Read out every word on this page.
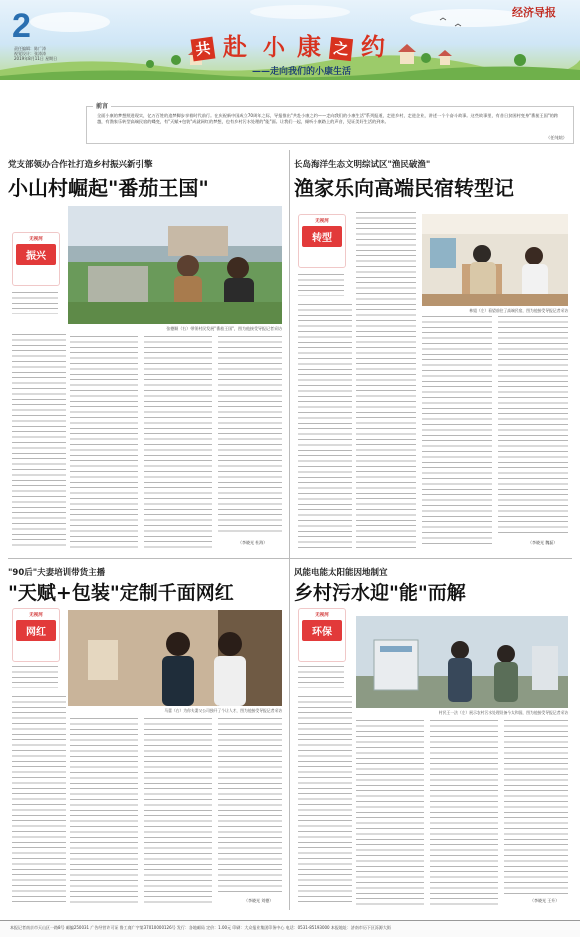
2
责任编辑：陈广涛
视觉设计：张涛涛
2019年8月11日 星期日	共 赴 小 康 之 约
——走向我们的小康生活
经济导报
前言
全面小康的梦想照进现实，亿万百姓的追梦脚步享着时代前行。在庆祝新中国成立70周年之际，导报推出"共赴小康之约——走向我们的小康生活"系列报道，走进乡村，走进企业，讲述一个个奋斗故事。这些故事里，有昔日贫困村变身"番茄王国"的跨越，有渔家乐转型高端民宿的蝶变，有"天赋+包装"成就网红的梦想，也有乡村污水处理的"能"面。让我们一起，倾听小康路上的声音，见证美好生活的到来。
（任纯煊）
党支部领办合作社打造乡村振兴新引擎
小山村崛起"番茄王国"
无视河
振兴
张德顺（右）带领村民发展"番茄王国"，图为他接受导报记者采访
（李晓光 杜海）
长岛海洋生态文明综试区"渔民破渔"
渔家乐向高端民宿转型记
无视河
转型
林姐（左）看望前往了高端民宿，图为他接受导报记者采访
（李晓光 魏磊）
"90后"夫妻培训带货主播
"天赋+包装"定制千面网红
无视河
网红
马蕾（右）为你夫妻父公司独开了个让人才，图为他接受导报记者采访
（李晓光 刘德）
风能电能太阳能因地制宜
乡村污水迎"能"而解
无视河
环保
村民王一法（左）展示农村污水处理设备今太和国，图为他接受导报记者采访
（李晓光 王升）
本报记者南京市天山区一路8号 邮编250031 广告经营许可证 鲁工商广字第37010000126号 发行：各地邮局 定价：1.00元 印刷：大众报业集团印务中心 电话：0531-85193000 本报地址：济南市历下区泺源大街
